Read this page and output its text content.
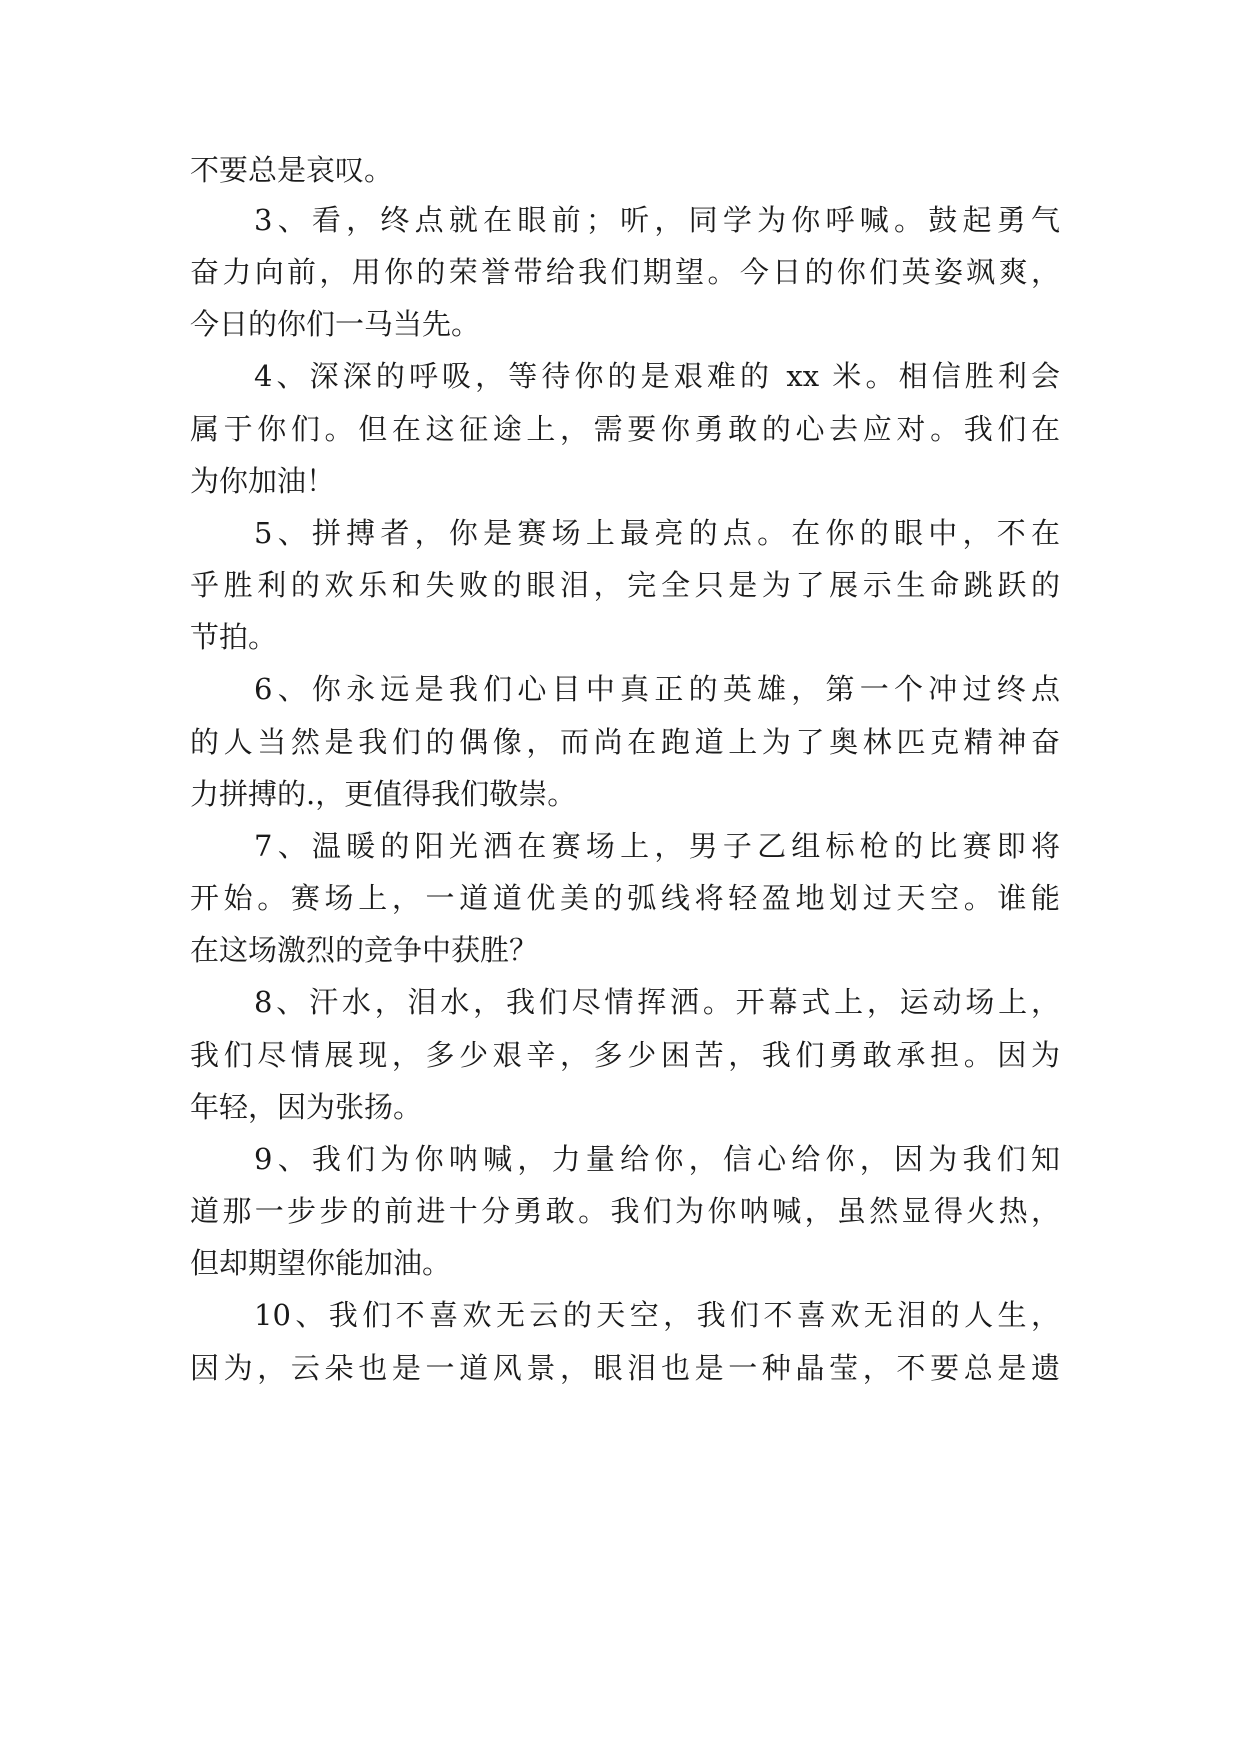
不要总是哀叹。
3、看，终点就在眼前；听，同学为你呼喊。鼓起勇气
奋力向前，用你的荣誉带给我们期望。今日的你们英姿飒爽，
今日的你们一马当先。
4、深深的呼吸，等待你的是艰难的 xx 米。相信胜利会
属于你们。但在这征途上，需要你勇敢的心去应对。我们在
为你加油！
5、拼搏者，你是赛场上最亮的点。在你的眼中，不在
乎胜利的欢乐和失败的眼泪，完全只是为了展示生命跳跃的
节拍。
6、你永远是我们心目中真正的英雄，第一个冲过终点
的人当然是我们的偶像，而尚在跑道上为了奥林匹克精神奋
力拼搏的.，更值得我们敬崇。
7、温暖的阳光洒在赛场上，男子乙组标枪的比赛即将
开始。赛场上，一道道优美的弧线将轻盈地划过天空。谁能
在这场激烈的竞争中获胜？
8、汗水，泪水，我们尽情挥洒。开幕式上，运动场上，
我们尽情展现，多少艰辛，多少困苦，我们勇敢承担。因为
年轻，因为张扬。
9、我们为你呐喊，力量给你，信心给你，因为我们知
道那一步步的前进十分勇敢。我们为你呐喊，虽然显得火热，
但却期望你能加油。
10、我们不喜欢无云的天空，我们不喜欢无泪的人生，
因为，云朵也是一道风景，眼泪也是一种晶莹，不要总是遗
